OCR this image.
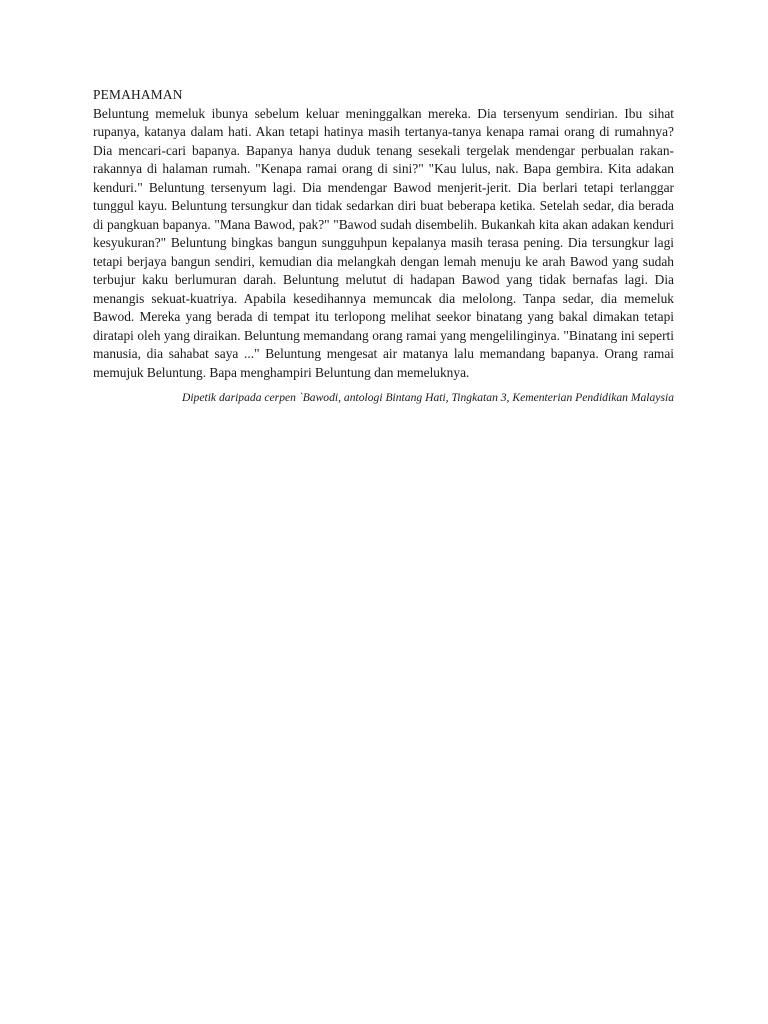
PEMAHAMAN

Beluntung memeluk ibunya sebelum keluar meninggalkan mereka. Dia tersenyum sendirian. Ibu sihat rupanya, katanya dalam hati. Akan tetapi hatinya masih tertanya-tanya kenapa ramai orang di rumahnya? Dia mencari-cari bapanya. Bapanya hanya duduk tenang sesekali tergelak mendengar perbualan rakan-rakannya di halaman rumah. "Kenapa ramai orang di sini?" "Kau lulus, nak. Bapa gembira. Kita adakan kenduri." Beluntung tersenyum lagi. Dia mendengar Bawod menjerit-jerit. Dia berlari tetapi terlanggar tunggul kayu. Beluntung tersungkur dan tidak sedarkan diri buat beberapa ketika. Setelah sedar, dia berada di pangkuan bapanya. "Mana Bawod, pak?" "Bawod sudah disembelih. Bukankah kita akan adakan kenduri kesyukuran?" Beluntung bingkas bangun sungguhpun kepalanya masih terasa pening. Dia tersungkur lagi tetapi berjaya bangun sendiri, kemudian dia melangkah dengan lemah menuju ke arah Bawod yang sudah terbujur kaku berlumuran darah. Beluntung melutut di hadapan Bawod yang tidak bernafas lagi. Dia menangis sekuat-kuatriya. Apabila kesedihannya memuncak dia melolong. Tanpa sedar, dia memeluk Bawod. Mereka yang berada di tempat itu terlopong melihat seekor binatang yang bakal dimakan tetapi diratapi oleh yang diraikan. Beluntung memandang orang ramai yang mengelilinginya. "Binatang ini seperti manusia, dia sahabat saya ..." Beluntung mengesat air matanya lalu memandang bapanya. Orang ramai memujuk Beluntung. Bapa menghampiri Beluntung dan memeluknya.

Dipetik daripada cerpen `Bawodi, antologi Bintang Hati, Tingkatan 3, Kementerian Pendidikan Malaysia
